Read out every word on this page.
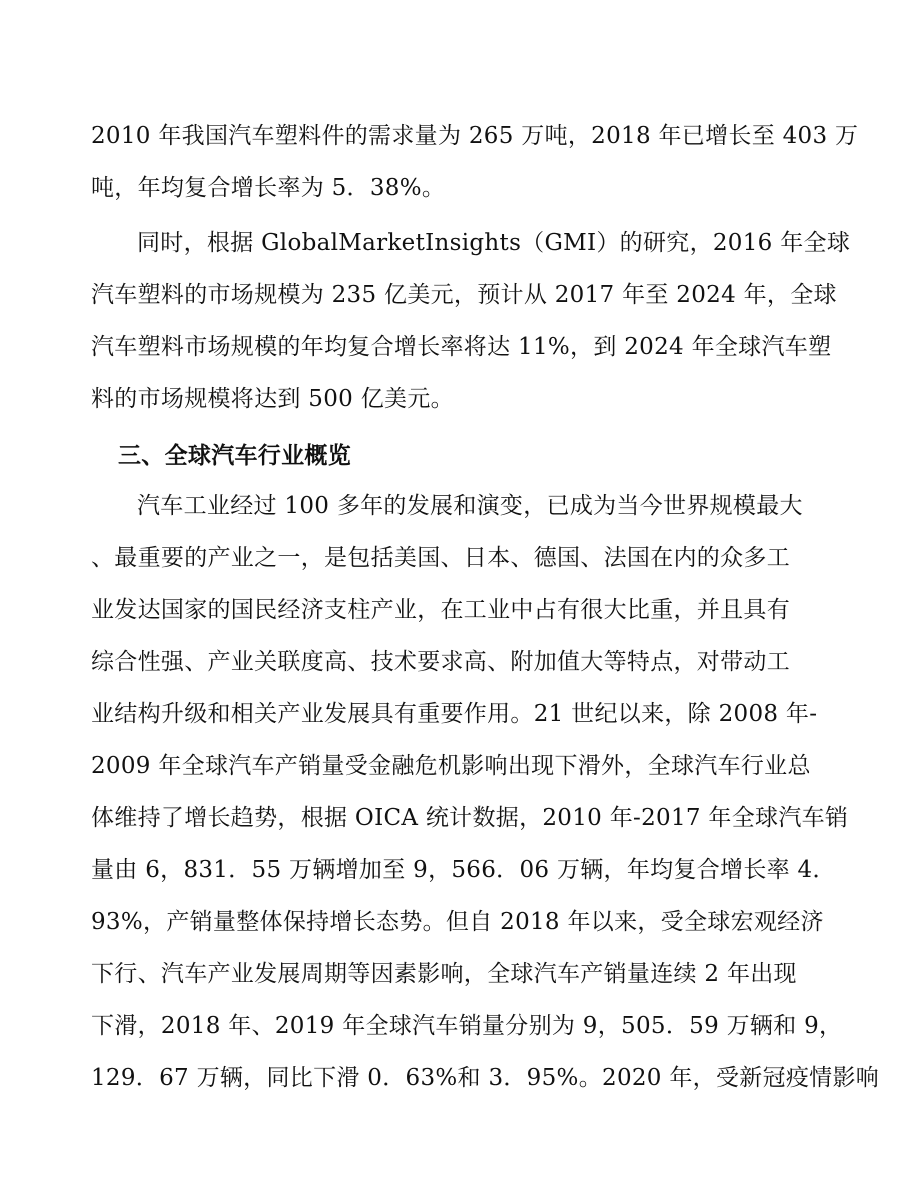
2010 年我国汽车塑料件的需求量为 265 万吨，2018 年已增长至 403 万
吨，年均复合增长率为 5．38%。
同时，根据 GlobalMarketInsights（GMI）的研究，2016 年全球
汽车塑料的市场规模为 235 亿美元，预计从 2017 年至 2024 年，全球
汽车塑料市场规模的年均复合增长率将达 11%，到 2024 年全球汽车塑
料的市场规模将达到 500 亿美元。
三、全球汽车行业概览
汽车工业经过 100 多年的发展和演变，已成为当今世界规模最大
、最重要的产业之一，是包括美国、日本、德国、法国在内的众多工
业发达国家的国民经济支柱产业，在工业中占有很大比重，并且具有
综合性强、产业关联度高、技术要求高、附加值大等特点，对带动工
业结构升级和相关产业发展具有重要作用。21 世纪以来，除 2008 年-
2009 年全球汽车产销量受金融危机影响出现下滑外，全球汽车行业总
体维持了增长趋势，根据 OICA 统计数据，2010 年-2017 年全球汽车销
量由 6，831．55 万辆增加至 9，566．06 万辆，年均复合增长率 4．
93%，产销量整体保持增长态势。但自 2018 年以来，受全球宏观经济
下行、汽车产业发展周期等因素影响，全球汽车产销量连续 2 年出现
下滑，2018 年、2019 年全球汽车销量分别为 9，505．59 万辆和 9，
129．67 万辆，同比下滑 0．63%和 3．95%。2020 年，受新冠疫情影响
